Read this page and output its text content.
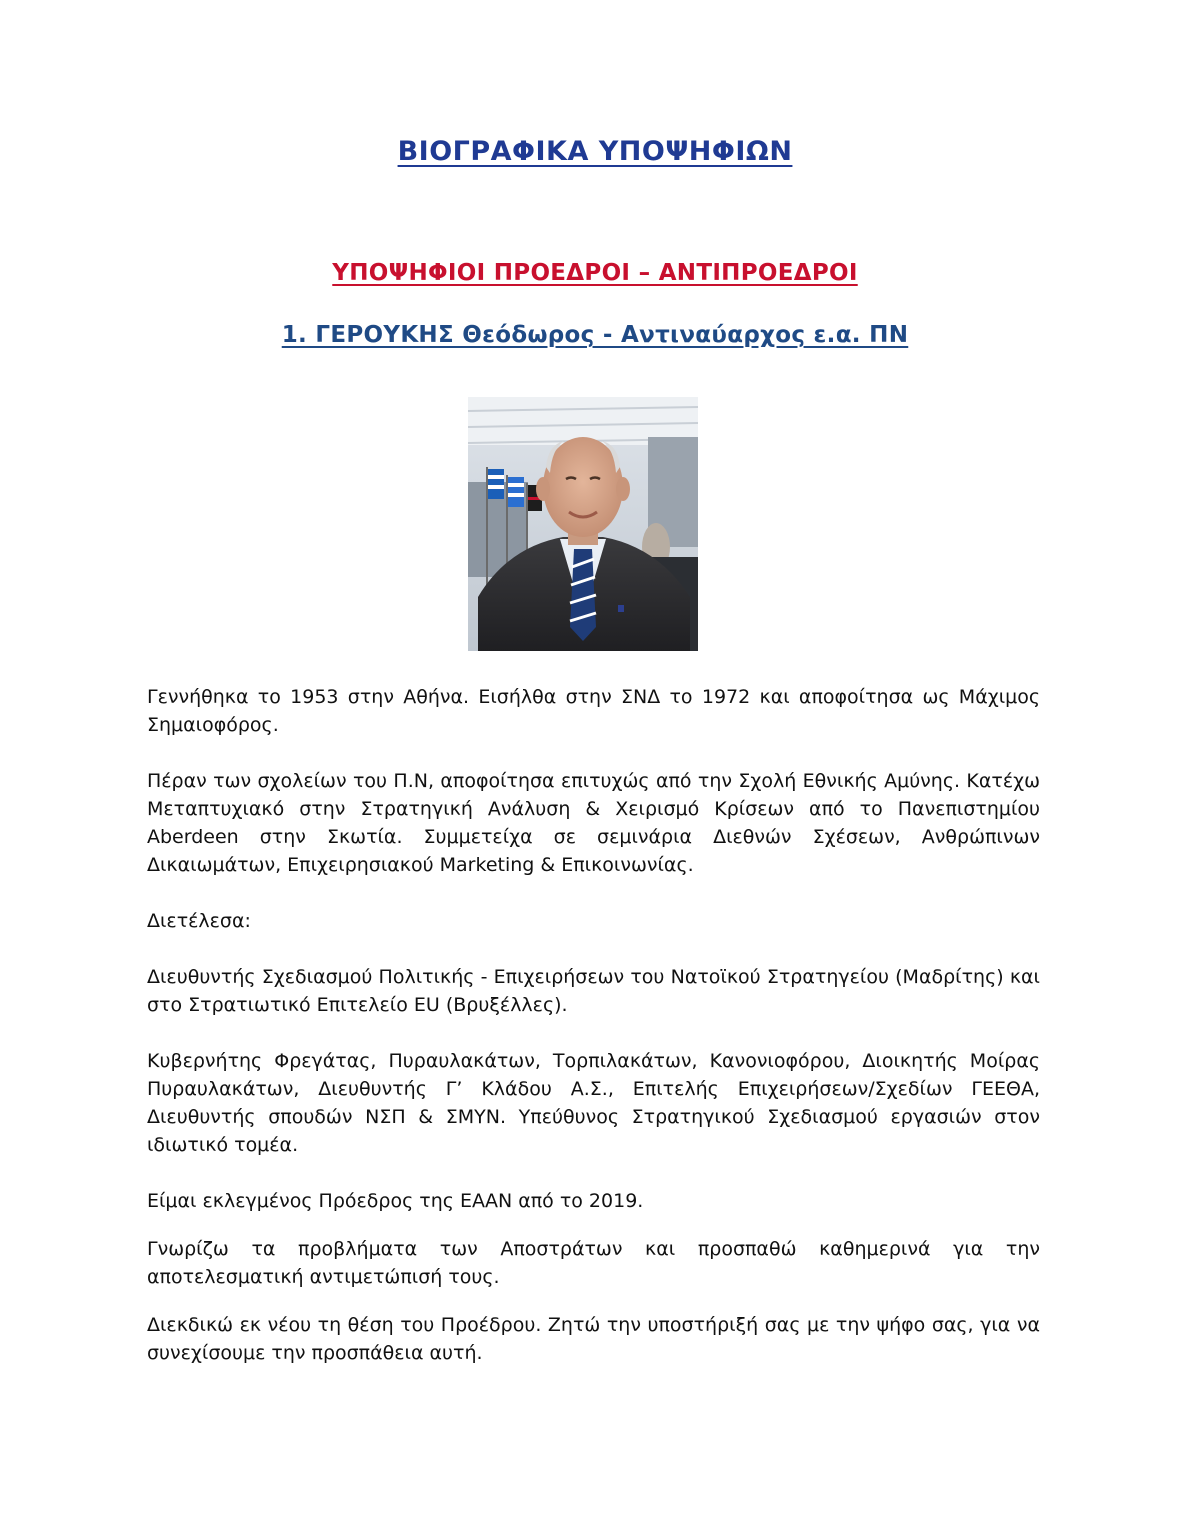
ΒΙΟΓΡΑΦΙΚΑ ΥΠΟΨΗΦΙΩΝ
ΥΠΟΨΗΦΙΟΙ ΠΡΟΕΔΡΟΙ – ΑΝΤΙΠΡΟΕΔΡΟΙ
1. ΓΕΡΟΥΚΗΣ Θεόδωρος - Αντιναύαρχος ε.α. ΠΝ

Γεννήθηκα το 1953 στην Αθήνα. Εισήλθα στην ΣΝΔ το 1972 και αποφοίτησα ως Μάχιμος Σημαιοφόρος.

Πέραν των σχολείων του Π.Ν, αποφοίτησα επιτυχώς από την Σχολή Εθνικής Αμύνης. Κατέχω Μεταπτυχιακό στην Στρατηγική Ανάλυση & Χειρισμό Κρίσεων από το Πανεπιστημίου Aberdeen στην Σκωτία. Συμμετείχα σε σεμινάρια Διεθνών Σχέσεων, Ανθρώπινων Δικαιωμάτων, Επιχειρησιακού Marketing & Επικοινωνίας.

Διετέλεσα:

Διευθυντής Σχεδιασμού Πολιτικής - Επιχειρήσεων του Νατοϊκού Στρατηγείου (Μαδρίτης) και στο Στρατιωτικό Επιτελείο EU (Βρυξέλλες).

Κυβερνήτης Φρεγάτας, Πυραυλακάτων, Τορπιλακάτων, Κανονιοφόρου, Διοικητής Μοίρας Πυραυλακάτων, Διευθυντής Γ’ Κλάδου Α.Σ., Επιτελής Επιχειρήσεων/Σχεδίων ΓΕΕΘΑ, Διευθυντής σπουδών ΝΣΠ & ΣΜΥΝ. Υπεύθυνος Στρατηγικού Σχεδιασμού εργασιών στον ιδιωτικό τομέα.

Είμαι εκλεγμένος Πρόεδρος της ΕΑΑΝ από το 2019.

Γνωρίζω τα προβλήματα των Αποστράτων και προσπαθώ καθημερινά για την αποτελεσματική αντιμετώπισή τους.

Διεκδικώ εκ νέου τη θέση του Προέδρου. Ζητώ την υποστήριξή σας με την ψήφο σας, για να συνεχίσουμε την προσπάθεια αυτή.
